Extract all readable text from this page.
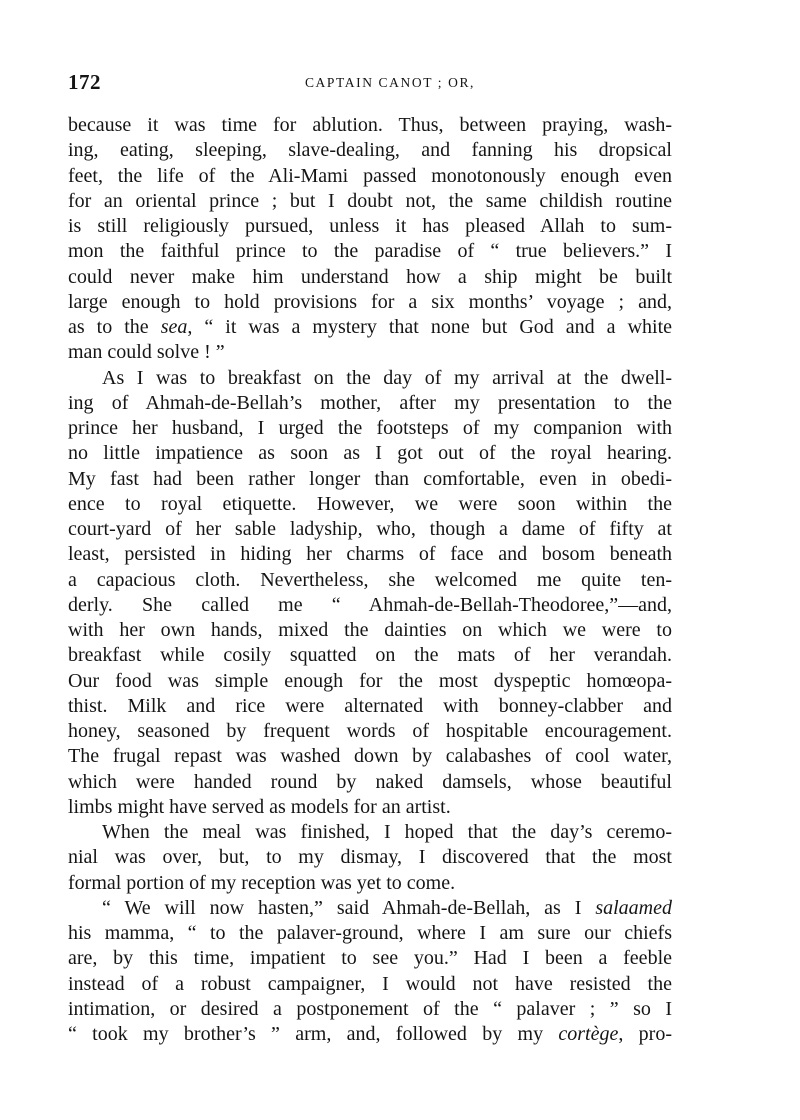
172	CAPTAIN CANOT ; OR,
because it was time for ablution. Thus, between praying, wash-
ing, eating, sleeping, slave-dealing, and fanning his dropsical
feet, the life of the Ali-Mami passed monotonously enough even
for an oriental prince ; but I doubt not, the same childish routine
is still religiously pursued, unless it has pleased Allah to sum-
mon the faithful prince to the paradise of “ true believers.” I
could never make him understand how a ship might be built
large enough to hold provisions for a six months’ voyage ; and,
as to the sea, “ it was a mystery that none but God and a white
man could solve ! ”
As I was to breakfast on the day of my arrival at the dwell-
ing of Ahmah-de-Bellah’s mother, after my presentation to the
prince her husband, I urged the footsteps of my companion with
no little impatience as soon as I got out of the royal hearing.
My fast had been rather longer than comfortable, even in obedi-
ence to royal etiquette. However, we were soon within the
court-yard of her sable ladyship, who, though a dame of fifty at
least, persisted in hiding her charms of face and bosom beneath
a capacious cloth. Nevertheless, she welcomed me quite ten-
derly. She called me “ Ahmah-de-Bellah-Theodoree,”—and,
with her own hands, mixed the dainties on which we were to
breakfast while cosily squatted on the mats of her verandah.
Our food was simple enough for the most dyspeptic homœopa-
thist. Milk and rice were alternated with bonney-clabber and
honey, seasoned by frequent words of hospitable encouragement.
The frugal repast was washed down by calabashes of cool water,
which were handed round by naked damsels, whose beautiful
limbs might have served as models for an artist.
When the meal was finished, I hoped that the day’s ceremo-
nial was over, but, to my dismay, I discovered that the most
formal portion of my reception was yet to come.
“ We will now hasten,” said Ahmah-de-Bellah, as I salaamed
his mamma, “ to the palaver-ground, where I am sure our chiefs
are, by this time, impatient to see you.” Had I been a feeble
instead of a robust campaigner, I would not have resisted the
intimation, or desired a postponement of the “ palaver ; ” so I
“ took my brother’s ” arm, and, followed by my cortège, pro-
